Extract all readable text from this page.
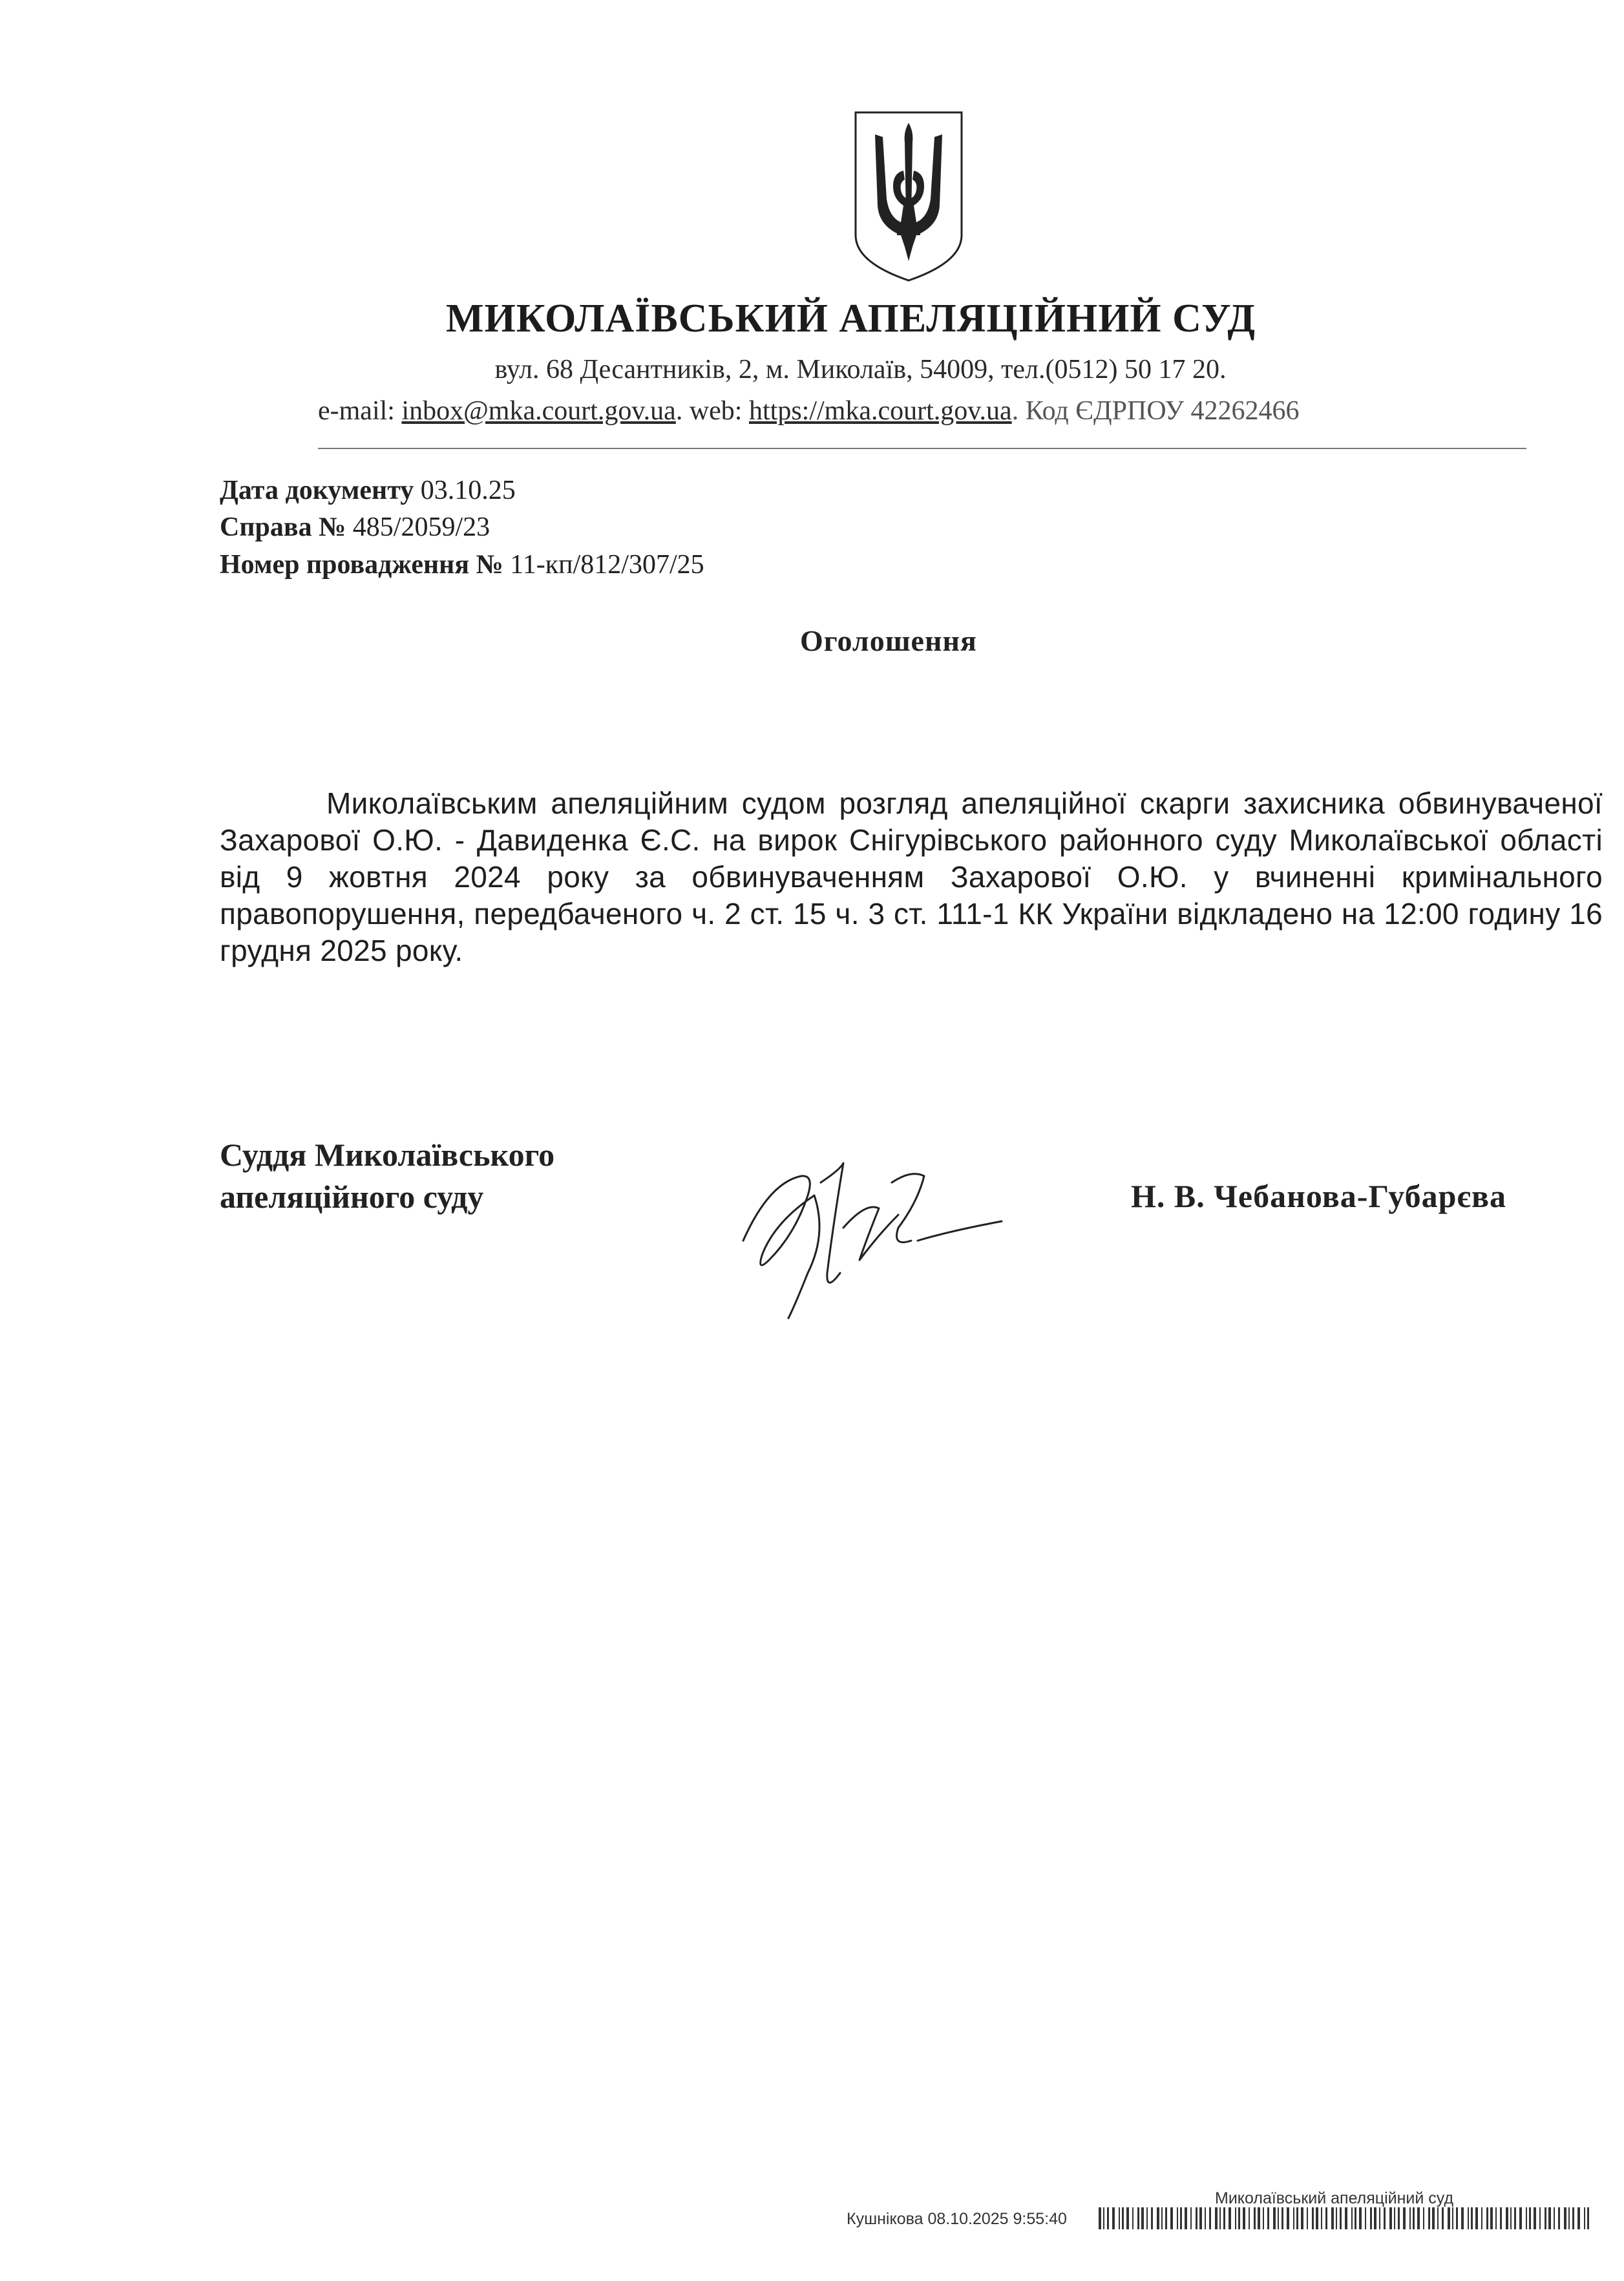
МИКОЛАЇВСЬКИЙ АПЕЛЯЦІЙНИЙ СУД
вул. 68 Десантників, 2, м. Миколаїв, 54009, тел.(0512) 50 17 20.
e-mail: inbox@mka.court.gov.ua. web: https://mka.court.gov.ua. Код ЄДРПОУ 42262466
Дата документу 03.10.25
Справа № 485/2059/23
Номер провадження № 11-кп/812/307/25
Оголошення
Миколаївським апеляційним судом розгляд апеляційної скарги захисника обвинуваченої Захарової О.Ю. - Давиденка Є.С. на вирок Снігурівського районного суду Миколаївської області від 9 жовтня 2024 року за обвинуваченням Захарової О.Ю. у вчиненні кримінального правопорушення, передбаченого ч. 2 ст. 15 ч. 3 ст. 111-1 КК України відкладено на 12:00 годину 16 грудня 2025 року.
Суддя Миколаївського
апеляційного суду	Н. В. Чебанова-Губарєва
Миколаївський апеляційний суд
Кушнікова 08.10.2025 9:55:40
